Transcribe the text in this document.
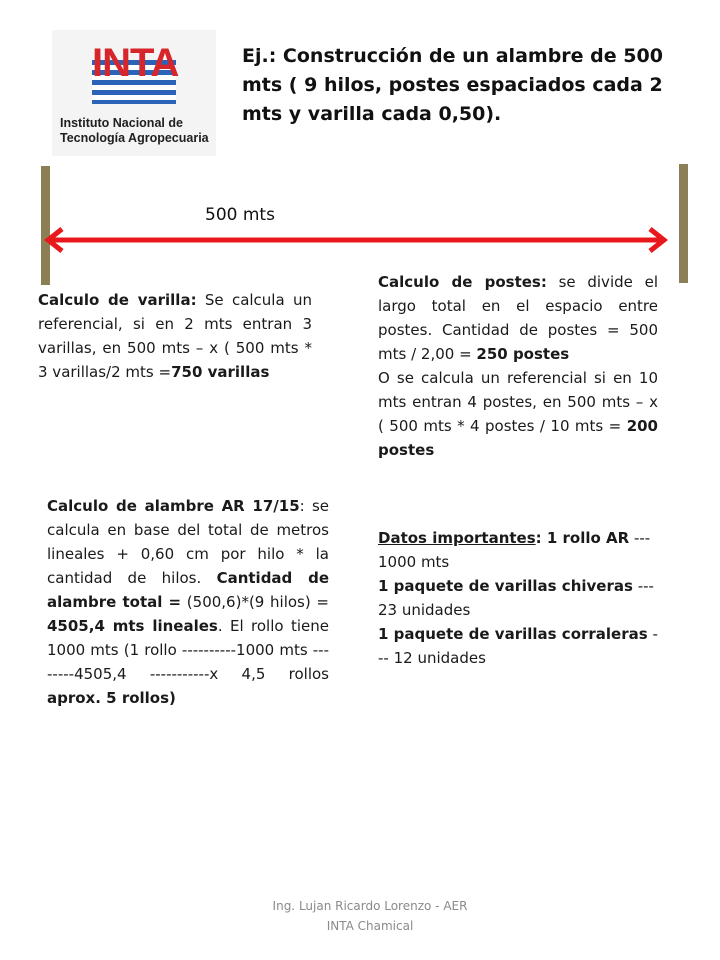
INTA
Instituto Nacional de
Tecnología Agropecuaria
Ej.: Construcción de un alambre de 500 mts ( 9 hilos, postes espaciados cada 2 mts y varilla cada 0,50).
500 mts
Calculo de varilla: Se calcula un referencial, si en 2 mts entran 3 varillas, en 500 mts – x ( 500 mts * 3 varillas/2 mts =750 varillas
Calculo de postes: se divide el largo total en el espacio entre postes. Cantidad de postes = 500 mts / 2,00 = 250 postes
O se calcula un referencial si en 10 mts entran 4 postes, en 500 mts – x ( 500 mts * 4 postes / 10 mts = 200 postes
Calculo de alambre AR 17/15: se calcula en base del total de metros lineales + 0,60 cm por hilo * la cantidad de hilos. Cantidad de alambre total = (500,6)*(9 hilos) = 4505,4 mts lineales. El rollo tiene 1000 mts (1 rollo ----------1000 mts --------4505,4 -----------x 4,5 rollos aprox. 5 rollos)
Datos importantes: 1 rollo AR --- 1000 mts
1 paquete de varillas chiveras --- 23 unidades
1 paquete de varillas corraleras --- 12 unidades
Ing. Lujan Ricardo Lorenzo - AER
INTA Chamical
